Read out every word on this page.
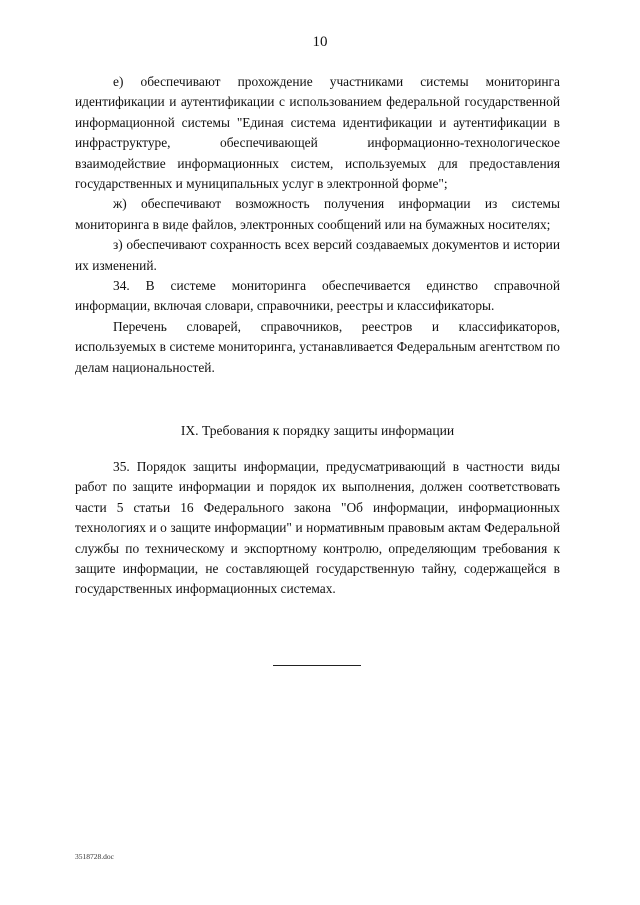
10

е) обеспечивают прохождение участниками системы мониторинга идентификации и аутентификации с использованием федеральной государственной информационной системы "Единая система идентификации и аутентификации в инфраструктуре, обеспечивающей информационно-технологическое взаимодействие информационных систем, используемых для предоставления государственных и муниципальных услуг в электронной форме";

ж) обеспечивают возможность получения информации из системы мониторинга в виде файлов, электронных сообщений или на бумажных носителях;

з) обеспечивают сохранность всех версий создаваемых документов и истории их изменений.

34. В системе мониторинга обеспечивается единство справочной информации, включая словари, справочники, реестры и классификаторы.

Перечень словарей, справочников, реестров и классификаторов, используемых в системе мониторинга, устанавливается Федеральным агентством по делам национальностей.

IX. Требования к порядку защиты информации

35. Порядок защиты информации, предусматривающий в частности виды работ по защите информации и порядок их выполнения, должен соответствовать части 5 статьи 16 Федерального закона "Об информации, информационных технологиях и о защите информации" и нормативным правовым актам Федеральной службы по техническому и экспортному контролю, определяющим требования к защите информации, не составляющей государственную тайну, содержащейся в государственных информационных системах.

3518728.doc
